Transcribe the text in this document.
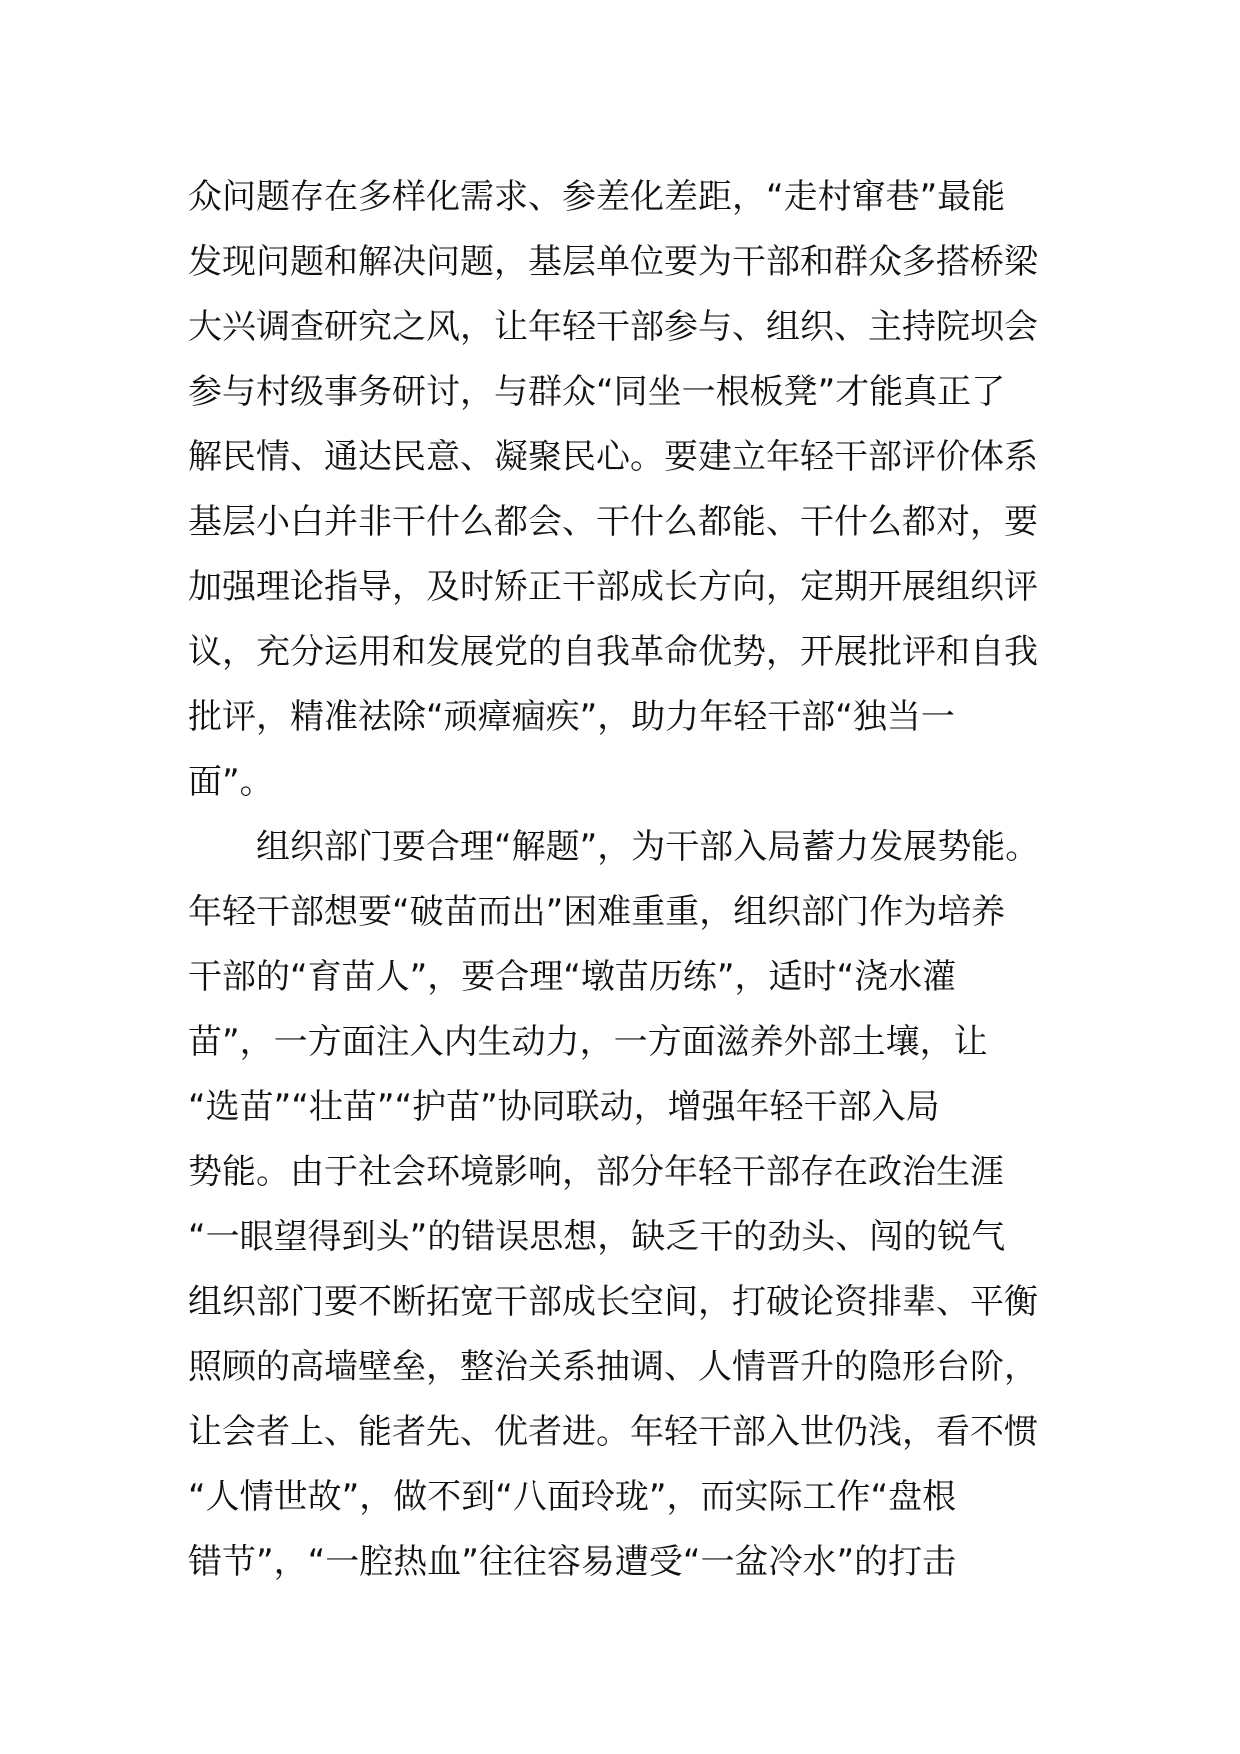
众问题存在多样化需求、参差化差距，“走村窜巷”最能
发现问题和解决问题，基层单位要为干部和群众多搭桥梁
大兴调查研究之风，让年轻干部参与、组织、主持院坝会
参与村级事务研讨，与群众“同坐一根板凳”才能真正了
解民情、通达民意、凝聚民心。要建立年轻干部评价体系
基层小白并非干什么都会、干什么都能、干什么都对，要
加强理论指导，及时矫正干部成长方向，定期开展组织评
议，充分运用和发展党的自我革命优势，开展批评和自我
批评，精准祛除“顽瘴痼疾”，助力年轻干部“独当一
面”。
组织部门要合理“解题”，为干部入局蓄力发展势能。
年轻干部想要“破苗而出”困难重重，组织部门作为培养
干部的“育苗人”，要合理“墩苗历练”，适时“浇水灌
苗”，一方面注入内生动力，一方面滋养外部土壤，让
“选苗”“壮苗”“护苗”协同联动，增强年轻干部入局
势能。由于社会环境影响，部分年轻干部存在政治生涯
“一眼望得到头”的错误思想，缺乏干的劲头、闯的锐气
组织部门要不断拓宽干部成长空间，打破论资排辈、平衡
照顾的高墙壁垒，整治关系抽调、人情晋升的隐形台阶，
让会者上、能者先、优者进。年轻干部入世仍浅，看不惯
“人情世故”，做不到“八面玲珑”，而实际工作“盘根
错节”，“一腔热血”往往容易遭受“一盆冷水”的打击
